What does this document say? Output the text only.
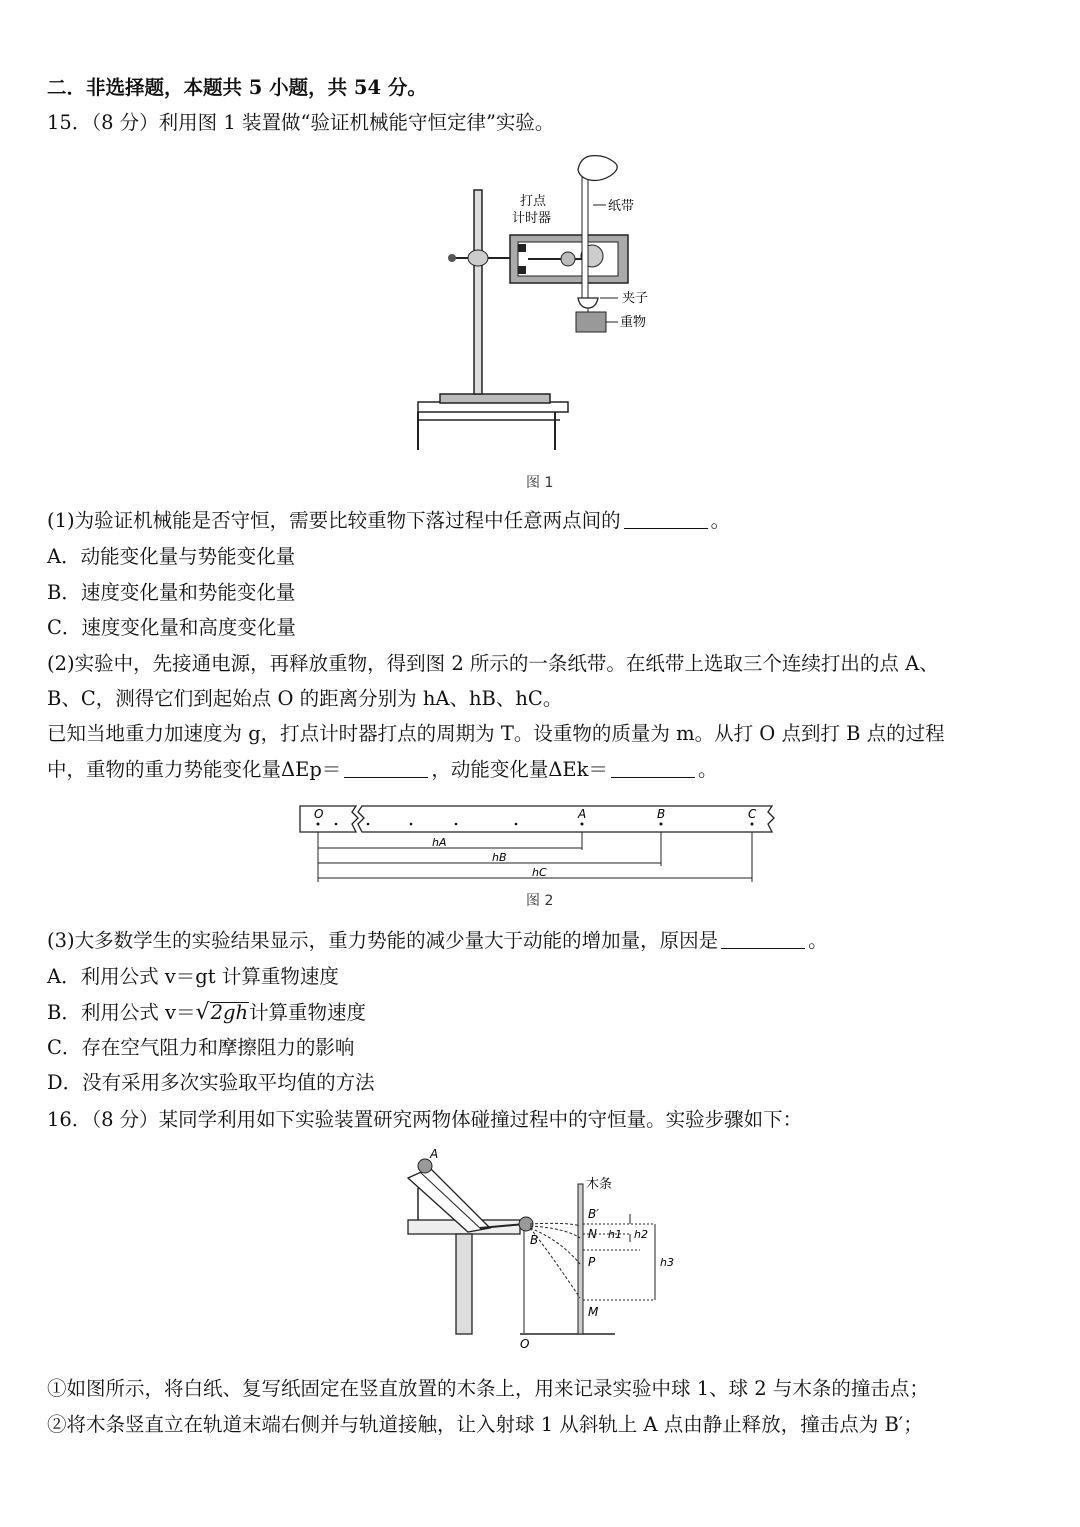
二．非选择题，本题共 5 小题，共 54 分。
15．（8 分）利用图 1 装置做“验证机械能守恒定律”实验。
打点
计时器
纸带
夹子
重物
图 1
(1)为验证机械能是否守恒，需要比较重物下落过程中任意两点间的	。
A．动能变化量与势能变化量
B．速度变化量和势能变化量
C．速度变化量和高度变化量
(2)实验中，先接通电源，再释放重物，得到图 2 所示的一条纸带。在纸带上选取三个连续打出的点 A、
B、C，测得它们到起始点 O 的距离分别为 hA、hB、hC。
已知当地重力加速度为 g，打点计时器打点的周期为 T。设重物的质量为 m。从打 O 点到打 B 点的过程
中，重物的重力势能变化量ΔEp＝	，动能变化量ΔEk＝	。
O	A	B	C
hA
hB
hC
图 2
(3)大多数学生的实验结果显示，重力势能的减少量大于动能的增加量，原因是	。
A．利用公式 v＝gt 计算重物速度
B．利用公式 v＝√2gh计算重物速度
C．存在空气阻力和摩擦阻力的影响
D．没有采用多次实验取平均值的方法
16．（8 分）某同学利用如下实验装置研究两物体碰撞过程中的守恒量。实验步骤如下：
A
B
O
木条
B′
N
P
M
h1 h2
h3
①如图所示，将白纸、复写纸固定在竖直放置的木条上，用来记录实验中球 1、球 2 与木条的撞击点；
②将木条竖直立在轨道末端右侧并与轨道接触，让入射球 1 从斜轨上 A 点由静止释放，撞击点为 B′；
